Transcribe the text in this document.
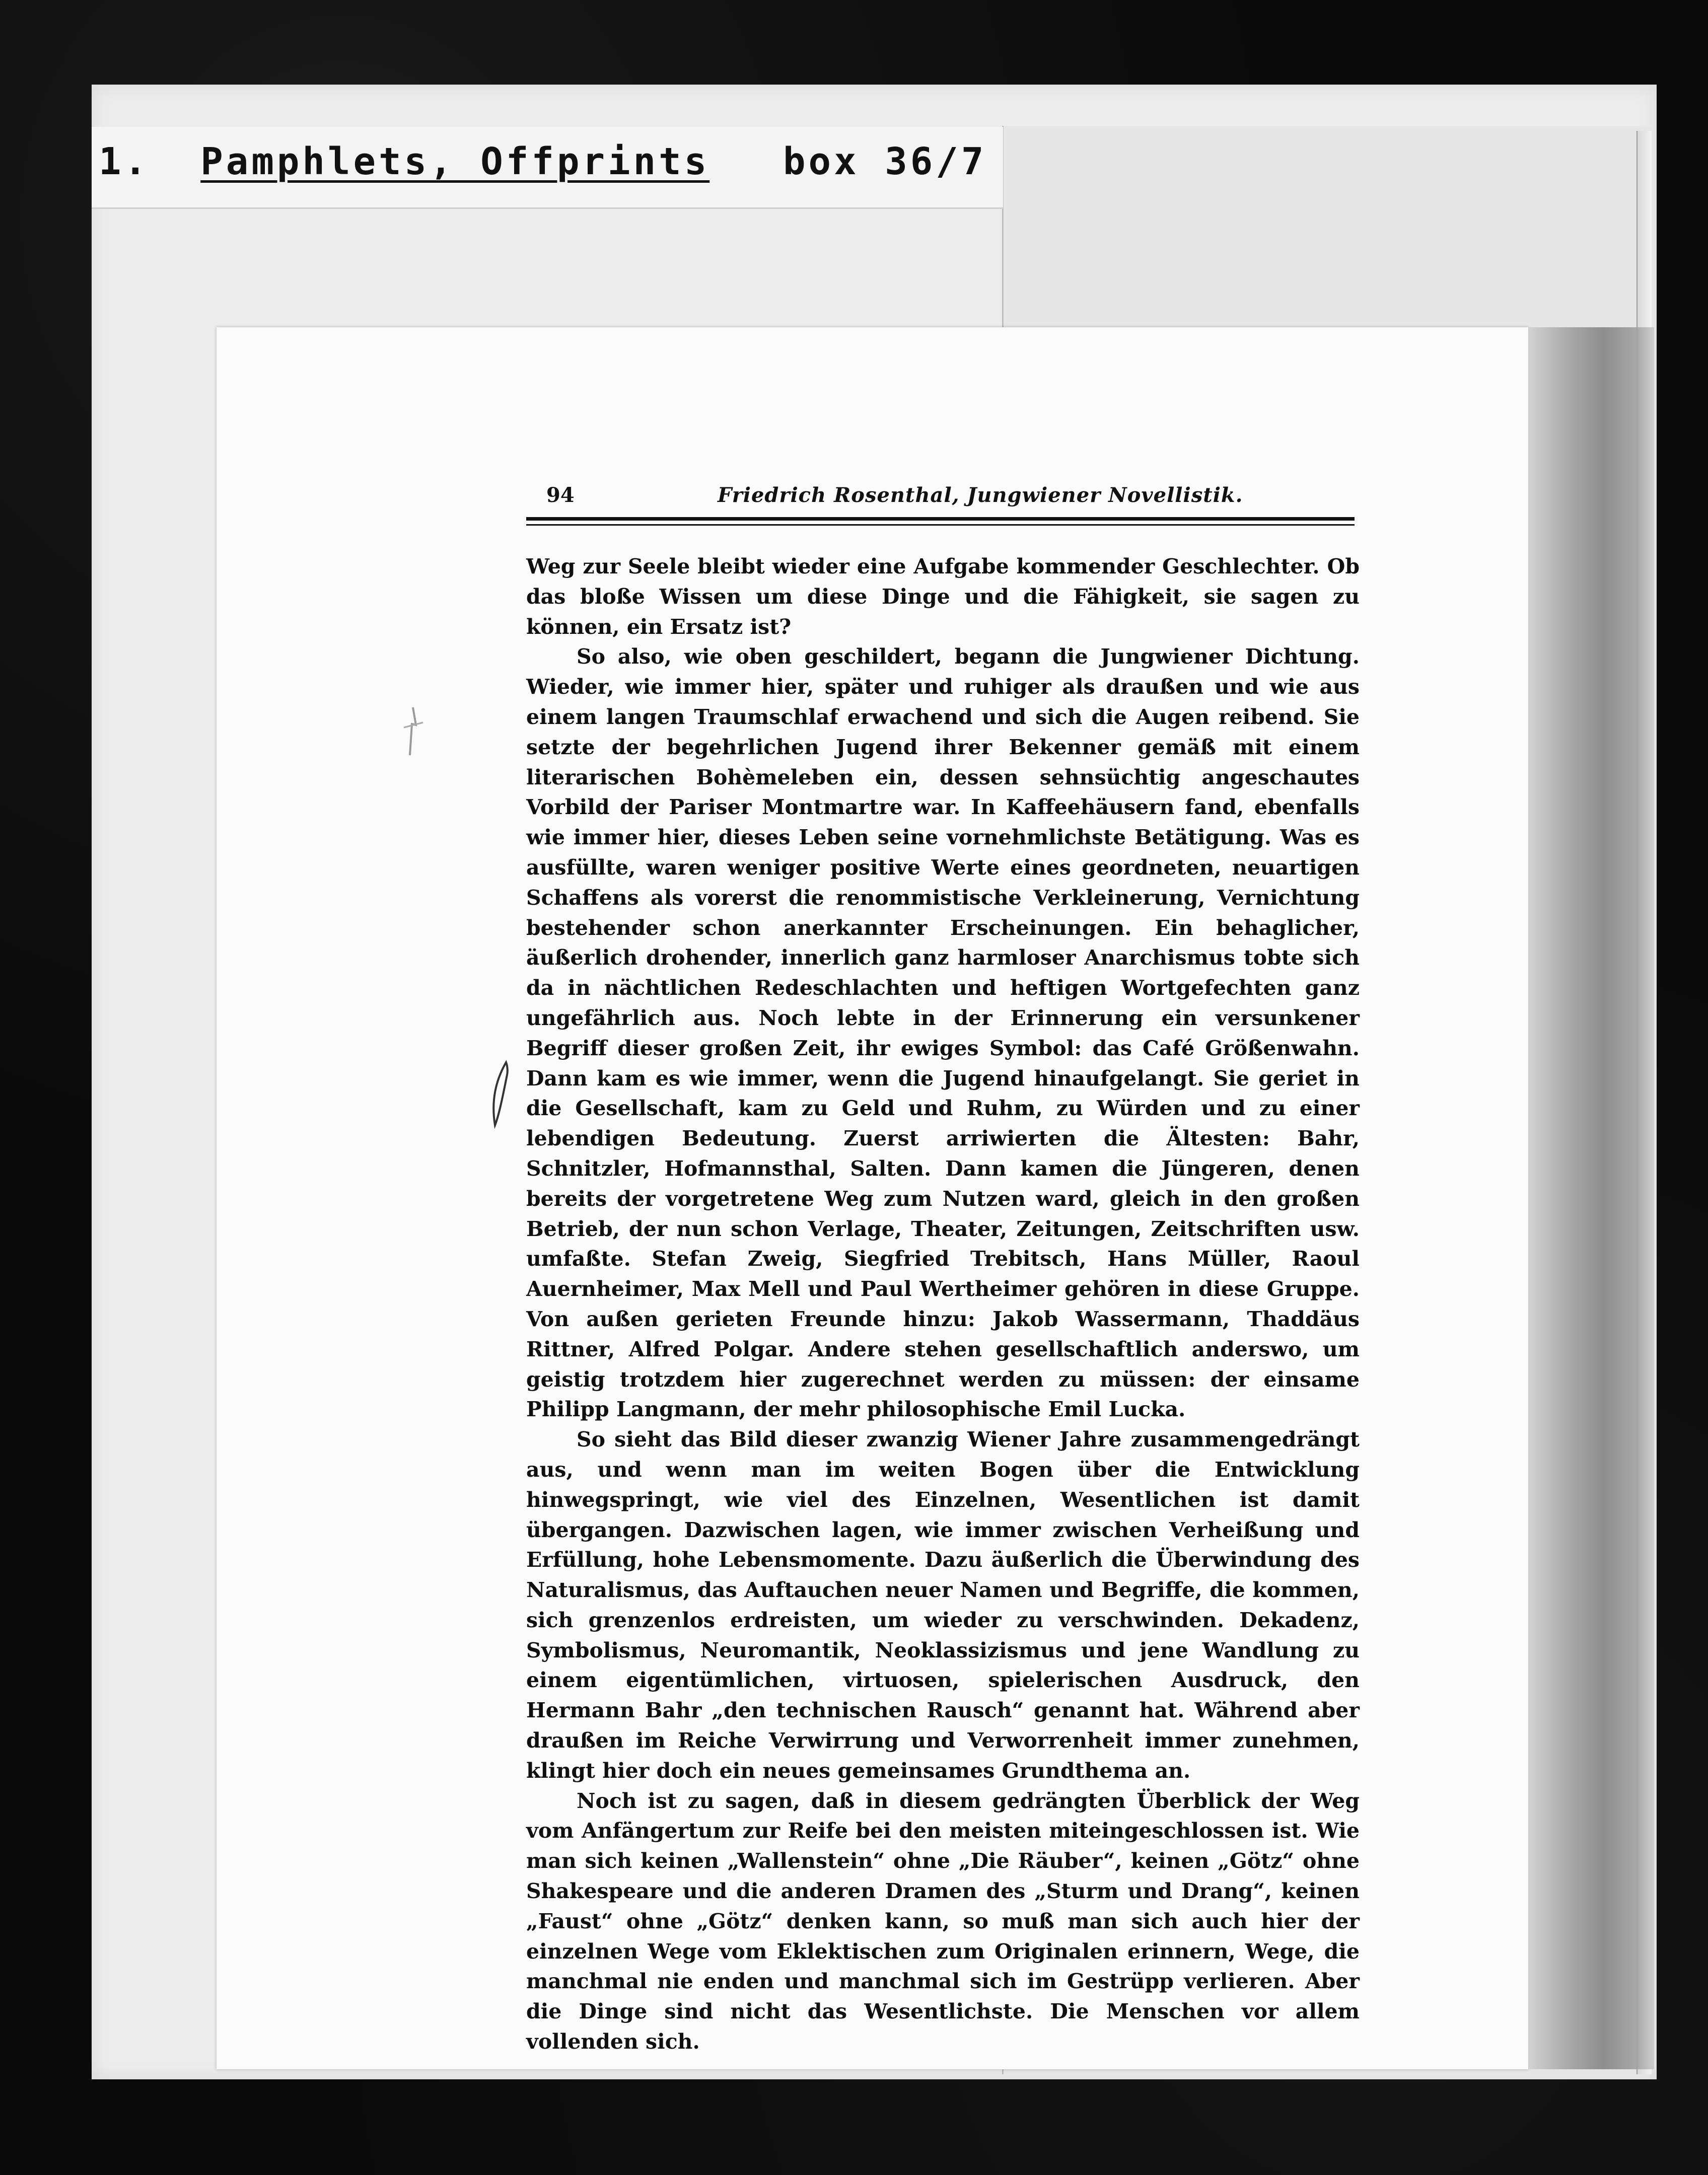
1. Pamphlets, Offprints box 36/7
94	Friedrich Rosenthal, Jungwiener Novellistik.

Weg zur Seele bleibt wieder eine Aufgabe kommender Geschlechter. Ob das bloße Wissen um diese Dinge und die Fähigkeit, sie sagen zu können, ein Ersatz ist?

So also, wie oben geschildert, begann die Jungwiener Dichtung. Wieder, wie immer hier, später und ruhiger als draußen und wie aus einem langen Traumschlaf erwachend und sich die Augen reibend. Sie setzte der begehrlichen Jugend ihrer Bekenner gemäß mit einem literarischen Bohèmeleben ein, dessen sehnsüchtig angeschautes Vorbild der Pariser Montmartre war. In Kaffeehäusern fand, ebenfalls wie immer hier, dieses Leben seine vornehmlichste Betätigung. Was es ausfüllte, waren weniger positive Werte eines geordneten, neuartigen Schaffens als vorerst die renommistische Verkleinerung, Vernichtung bestehender schon anerkannter Erscheinungen. Ein behaglicher, äußerlich drohender, innerlich ganz harmloser Anarchismus tobte sich da in nächtlichen Redeschlachten und heftigen Wortgefechten ganz ungefährlich aus. Noch lebte in der Erinnerung ein versunkener Begriff dieser großen Zeit, ihr ewiges Symbol: das Café Größenwahn. Dann kam es wie immer, wenn die Jugend hinaufgelangt. Sie geriet in die Gesellschaft, kam zu Geld und Ruhm, zu Würden und zu einer lebendigen Bedeutung. Zuerst arriwierten die Ältesten: Bahr, Schnitzler, Hofmannsthal, Salten. Dann kamen die Jüngeren, denen bereits der vorgetretene Weg zum Nutzen ward, gleich in den großen Betrieb, der nun schon Verlage, Theater, Zeitungen, Zeitschriften usw. umfaßte. Stefan Zweig, Siegfried Trebitsch, Hans Müller, Raoul Auernheimer, Max Mell und Paul Wertheimer gehören in diese Gruppe. Von außen gerieten Freunde hinzu: Jakob Wassermann, Thaddäus Rittner, Alfred Polgar. Andere stehen gesellschaftlich anderswo, um geistig trotzdem hier zugerechnet werden zu müssen: der einsame Philipp Langmann, der mehr philosophische Emil Lucka.

So sieht das Bild dieser zwanzig Wiener Jahre zusammengedrängt aus, und wenn man im weiten Bogen über die Entwicklung hinwegspringt, wie viel des Einzelnen, Wesentlichen ist damit übergangen. Dazwischen lagen, wie immer zwischen Verheißung und Erfüllung, hohe Lebensmomente. Dazu äußerlich die Überwindung des Naturalismus, das Auftauchen neuer Namen und Begriffe, die kommen, sich grenzenlos erdreisten, um wieder zu verschwinden. Dekadenz, Symbolismus, Neuromantik, Neoklassizismus und jene Wandlung zu einem eigentümlichen, virtuosen, spielerischen Ausdruck, den Hermann Bahr „den technischen Rausch“ genannt hat. Während aber draußen im Reiche Verwirrung und Verworrenheit immer zunehmen, klingt hier doch ein neues gemeinsames Grundthema an.

Noch ist zu sagen, daß in diesem gedrängten Überblick der Weg vom Anfängertum zur Reife bei den meisten miteingeschlossen ist. Wie man sich keinen „Wallenstein“ ohne „Die Räuber“, keinen „Götz“ ohne Shakespeare und die anderen Dramen des „Sturm und Drang“, keinen „Faust“ ohne „Götz“ denken kann, so muß man sich auch hier der einzelnen Wege vom Eklektischen zum Originalen erinnern, Wege, die manchmal nie enden und manchmal sich im Gestrüpp verlieren. Aber die Dinge sind nicht das Wesentlichste. Die Menschen vor allem vollenden sich.
